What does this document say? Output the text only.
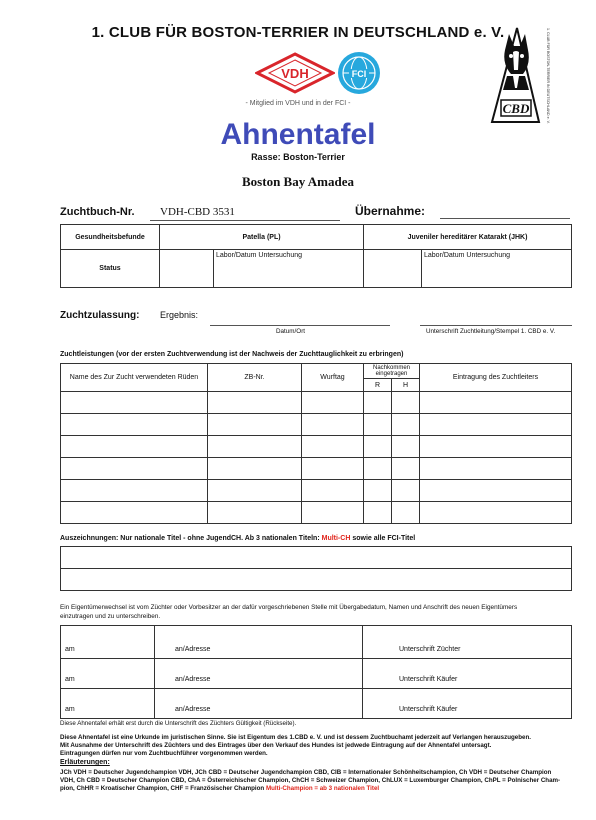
1. CLUB FÜR BOSTON-TERRIER IN DEUTSCHLAND e. V.
VDH	FCI
- Mitglied im VDH und in der FCI -	CBD	1. CLUB FÜR BOSTON-TERRIER IN DEUTSCHLAND e. V.
Ahnentafel
Rasse: Boston-Terrier
Boston Bay Amadea
Zuchtbuch-Nr. VDH-CBD 3531	Übernahme:
Gesundheitsbefunde	Patella (PL)		Juveniler hereditärer Katarakt (JHK)	
Status		Labor/Datum Untersuchung		Labor/Datum Untersuchung
Zuchtzulassung: Ergebnis:
Datum/Ort	Unterschrift Zuchtleitung/Stempel 1. CBD e. V.
Zuchtleistungen (vor der ersten Zuchtverwendung ist der Nachweis der Zuchttauglichkeit zu erbringen)
Name des Zur Zucht verwendeten Rüden	ZB-Nr.	Wurftag	Nachkommen eingetragen		Eintragung des Zuchtleiters
			R	H	

Auszeichnungen: Nur nationale Titel - ohne JugendCH. Ab 3 nationalen Titeln: Multi-CH sowie alle FCI-Titel

Ein Eigentümerwechsel ist vom Züchter oder Vorbesitzer an der dafür vorgeschriebenen Stelle mit Übergabedatum, Namen und Anschrift des neuen Eigentümers
einzutragen und zu unterschreiben.
am	an/Adresse	Unterschrift Züchter
am	an/Adresse	Unterschrift Käufer
am	an/Adresse	Unterschrift Käufer
Diese Ahnentafel erhält erst durch die Unterschrift des Züchters Gültigkeit (Rückseite).
Diese Ahnentafel ist eine Urkunde im juristischen Sinne. Sie ist Eigentum des 1.CBD e. V. und ist dessem Zuchtbuchamt jederzeit auf Verlangen herauszugeben.
Mit Ausnahme der Unterschrift des Züchters und des Eintrages über den Verkauf des Hundes ist jedwede Eintragung auf der Ahnentafel untersagt.
Eintragungen dürfen nur vom Zuchtbuchführer vorgenommen werden.
Erläuterungen:
JCh VDH = Deutscher Jugendchampion VDH, JCh CBD = Deutscher Jugendchampion CBD, CIB = Internationaler Schönheitschampion, Ch VDH = Deutscher Champion
VDH, Ch CBD = Deutscher Champion CBD, ChA = Österreichischer Champion, ChCH = Schweizer Champion, ChLUX = Luxemburger Champion, ChPL = Polnischer Cham-
pion, ChHR = Kroatischer Champion, CHF = Französischer Champion Multi-Champion = ab 3 nationalen Titel
